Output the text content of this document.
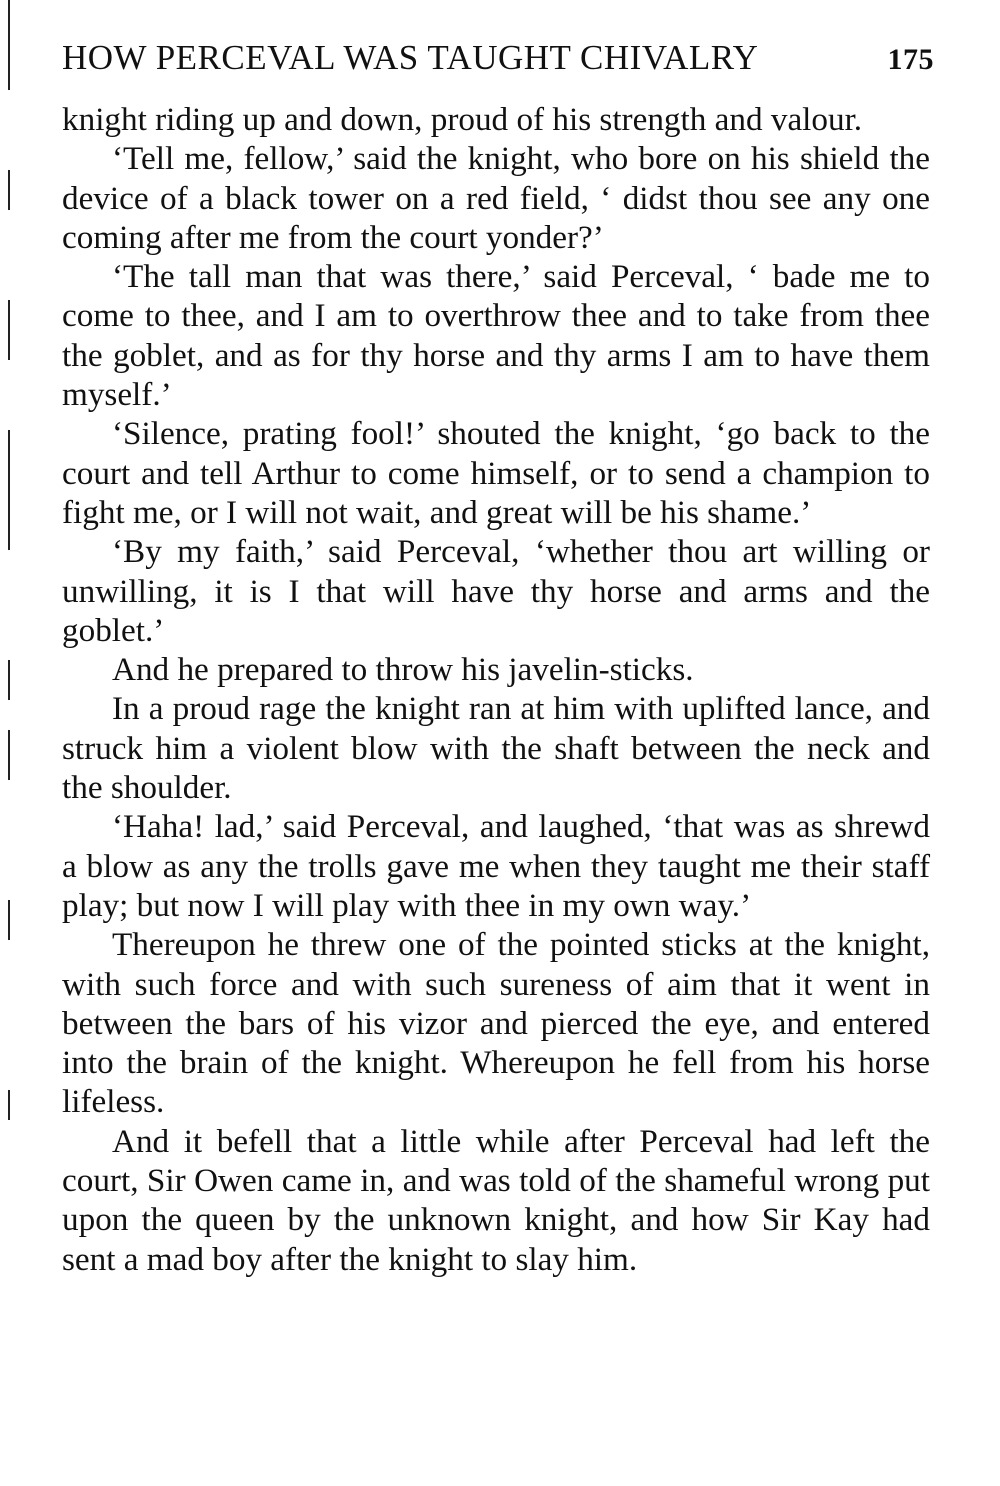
HOW PERCEVAL WAS TAUGHT CHIVALRY	175

knight riding up and down, proud of his strength and valour.

‘Tell me, fellow,’ said the knight, who bore on his shield the device of a black tower on a red field, ‘ didst thou see any one coming after me from the court yonder?’

‘The tall man that was there,’ said Perceval, ‘ bade me to come to thee, and I am to overthrow thee and to take from thee the goblet, and as for thy horse and thy arms I am to have them myself.’

‘Silence, prating fool!’ shouted the knight, ‘go back to the court and tell Arthur to come himself, or to send a champion to fight me, or I will not wait, and great will be his shame.’

‘By my faith,’ said Perceval, ‘whether thou art willing or unwilling, it is I that will have thy horse and arms and the goblet.’

And he prepared to throw his javelin-sticks.

In a proud rage the knight ran at him with uplifted lance, and struck him a violent blow with the shaft between the neck and the shoulder.

‘Haha! lad,’ said Perceval, and laughed, ‘that was as shrewd a blow as any the trolls gave me when they taught me their staff play; but now I will play with thee in my own way.’

Thereupon he threw one of the pointed sticks at the knight, with such force and with such sureness of aim that it went in between the bars of his vizor and pierced the eye, and entered into the brain of the knight. Whereupon he fell from his horse lifeless.

And it befell that a little while after Perceval had left the court, Sir Owen came in, and was told of the shameful wrong put upon the queen by the unknown knight, and how Sir Kay had sent a mad boy after the knight to slay him.
